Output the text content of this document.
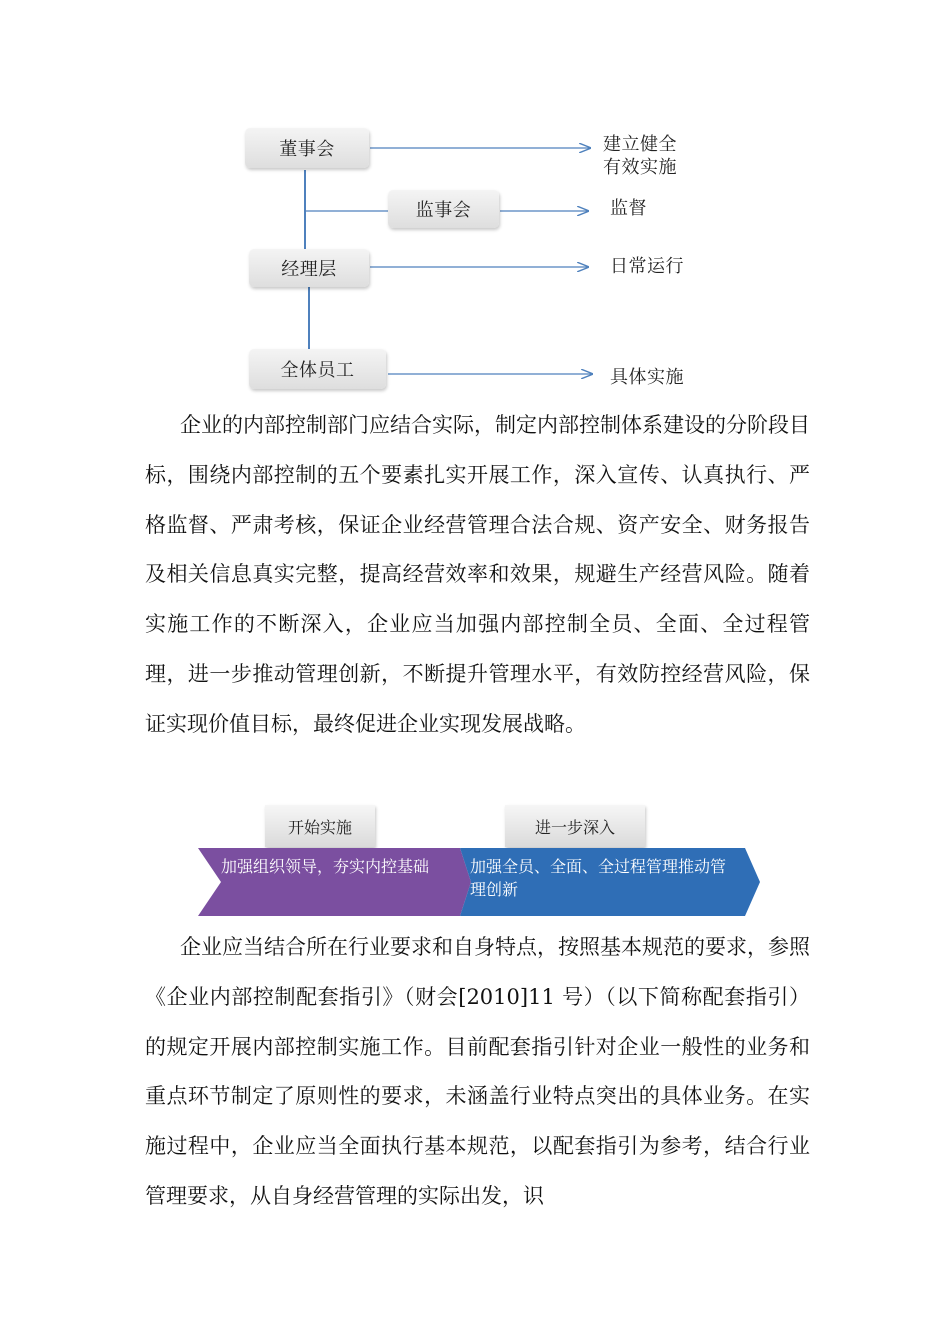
董事会
监事会
经理层
全体员工
建立健全
有效实施
监督
日常运行
具体实施

企业的内部控制部门应结合实际，制定内部控制体系建设的分阶段目标，围绕内部控制的五个要素扎实开展工作，深入宣传、认真执行、严格监督、严肃考核，保证企业经营管理合法合规、资产安全、财务报告及相关信息真实完整，提高经营效率和效果，规避生产经营风险。随着实施工作的不断深入，企业应当加强内部控制全员、全面、全过程管理，进一步推动管理创新，不断提升管理水平，有效防控经营风险，保证实现价值目标，最终促进企业实现发展战略。

开始实施	进一步深入
加强组织领导，夯实内控基础	加强全员、全面、全过程管理推动管
理创新

企业应当结合所在行业要求和自身特点，按照基本规范的要求，参照《企业内部控制配套指引》（财会[2010]11 号）（以下简称配套指引）的规定开展内部控制实施工作。目前配套指引针对企业一般性的业务和重点环节制定了原则性的要求，未涵盖行业特点突出的具体业务。在实施过程中，企业应当全面执行基本规范，以配套指引为参考，结合行业管理要求，从自身经营管理的实际出发，识
